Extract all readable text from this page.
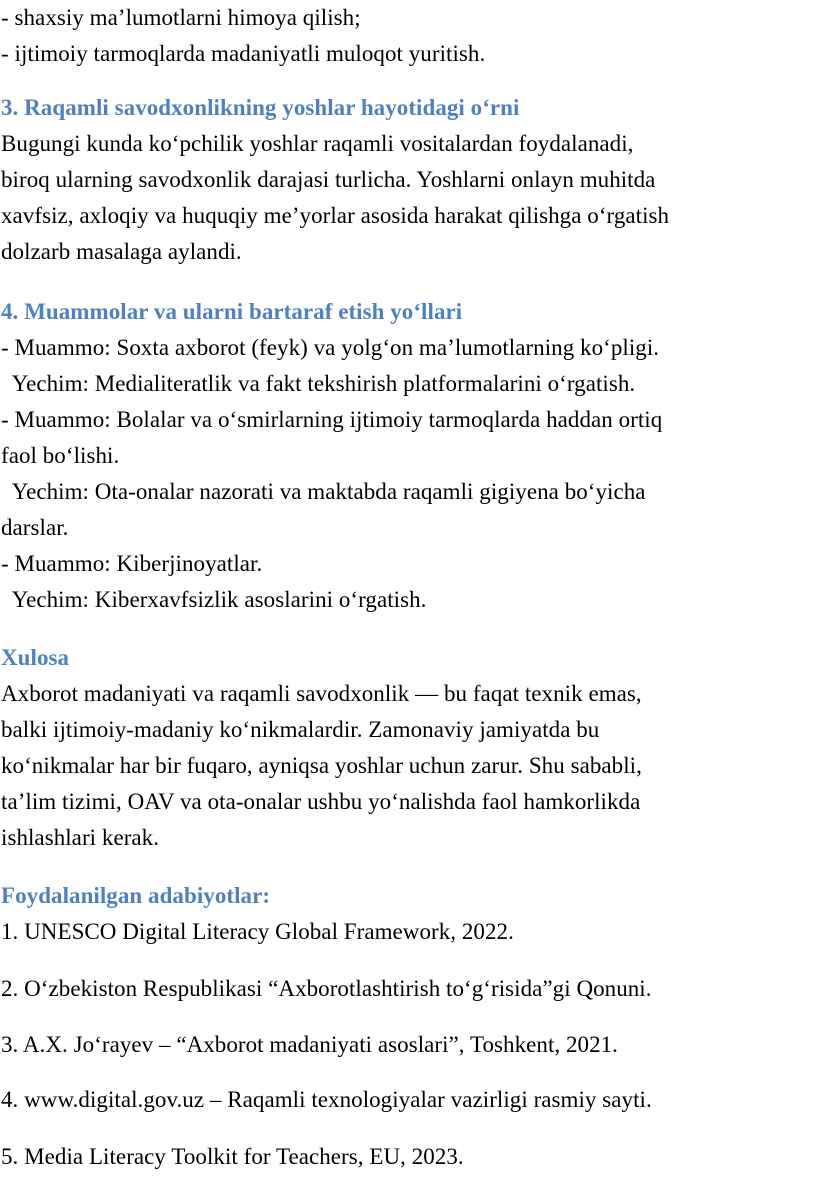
- shaxsiy ma’lumotlarni himoya qilish;
- ijtimoiy tarmoqlarda madaniyatli muloqot yuritish.
3. Raqamli savodxonlikning yoshlar hayotidagi o‘rni
Bugungi kunda ko‘pchilik yoshlar raqamli vositalardan foydalanadi,
biroq ularning savodxonlik darajasi turlicha. Yoshlarni onlayn muhitda
xavfsiz, axloqiy va huquqiy me’yorlar asosida harakat qilishga o‘rgatish
dolzarb masalaga aylandi.
4. Muammolar va ularni bartaraf etish yo‘llari
- Muammo: Soxta axborot (feyk) va yolg‘on ma’lumotlarning ko‘pligi.
Yechim: Medialiteratlik va fakt tekshirish platformalarini o‘rgatish.
- Muammo: Bolalar va o‘smirlarning ijtimoiy tarmoqlarda haddan ortiq
faol bo‘lishi.
Yechim: Ota-onalar nazorati va maktabda raqamli gigiyena bo‘yicha
darslar.
- Muammo: Kiberjinoyatlar.
Yechim: Kiberxavfsizlik asoslarini o‘rgatish.
Xulosa
Axborot madaniyati va raqamli savodxonlik — bu faqat texnik emas,
balki ijtimoiy-madaniy ko‘nikmalardir. Zamonaviy jamiyatda bu
ko‘nikmalar har bir fuqaro, ayniqsa yoshlar uchun zarur. Shu sababli,
ta’lim tizimi, OAV va ota-onalar ushbu yo‘nalishda faol hamkorlikda
ishlashlari kerak.
Foydalanilgan adabiyotlar:
1. UNESCO Digital Literacy Global Framework, 2022.
2. O‘zbekiston Respublikasi “Axborotlashtirish to‘g‘risida”gi Qonuni.
3. A.X. Jo‘rayev – “Axborot madaniyati asoslari”, Toshkent, 2021.
4. www.digital.gov.uz – Raqamli texnologiyalar vazirligi rasmiy sayti.
5. Media Literacy Toolkit for Teachers, EU, 2023.
